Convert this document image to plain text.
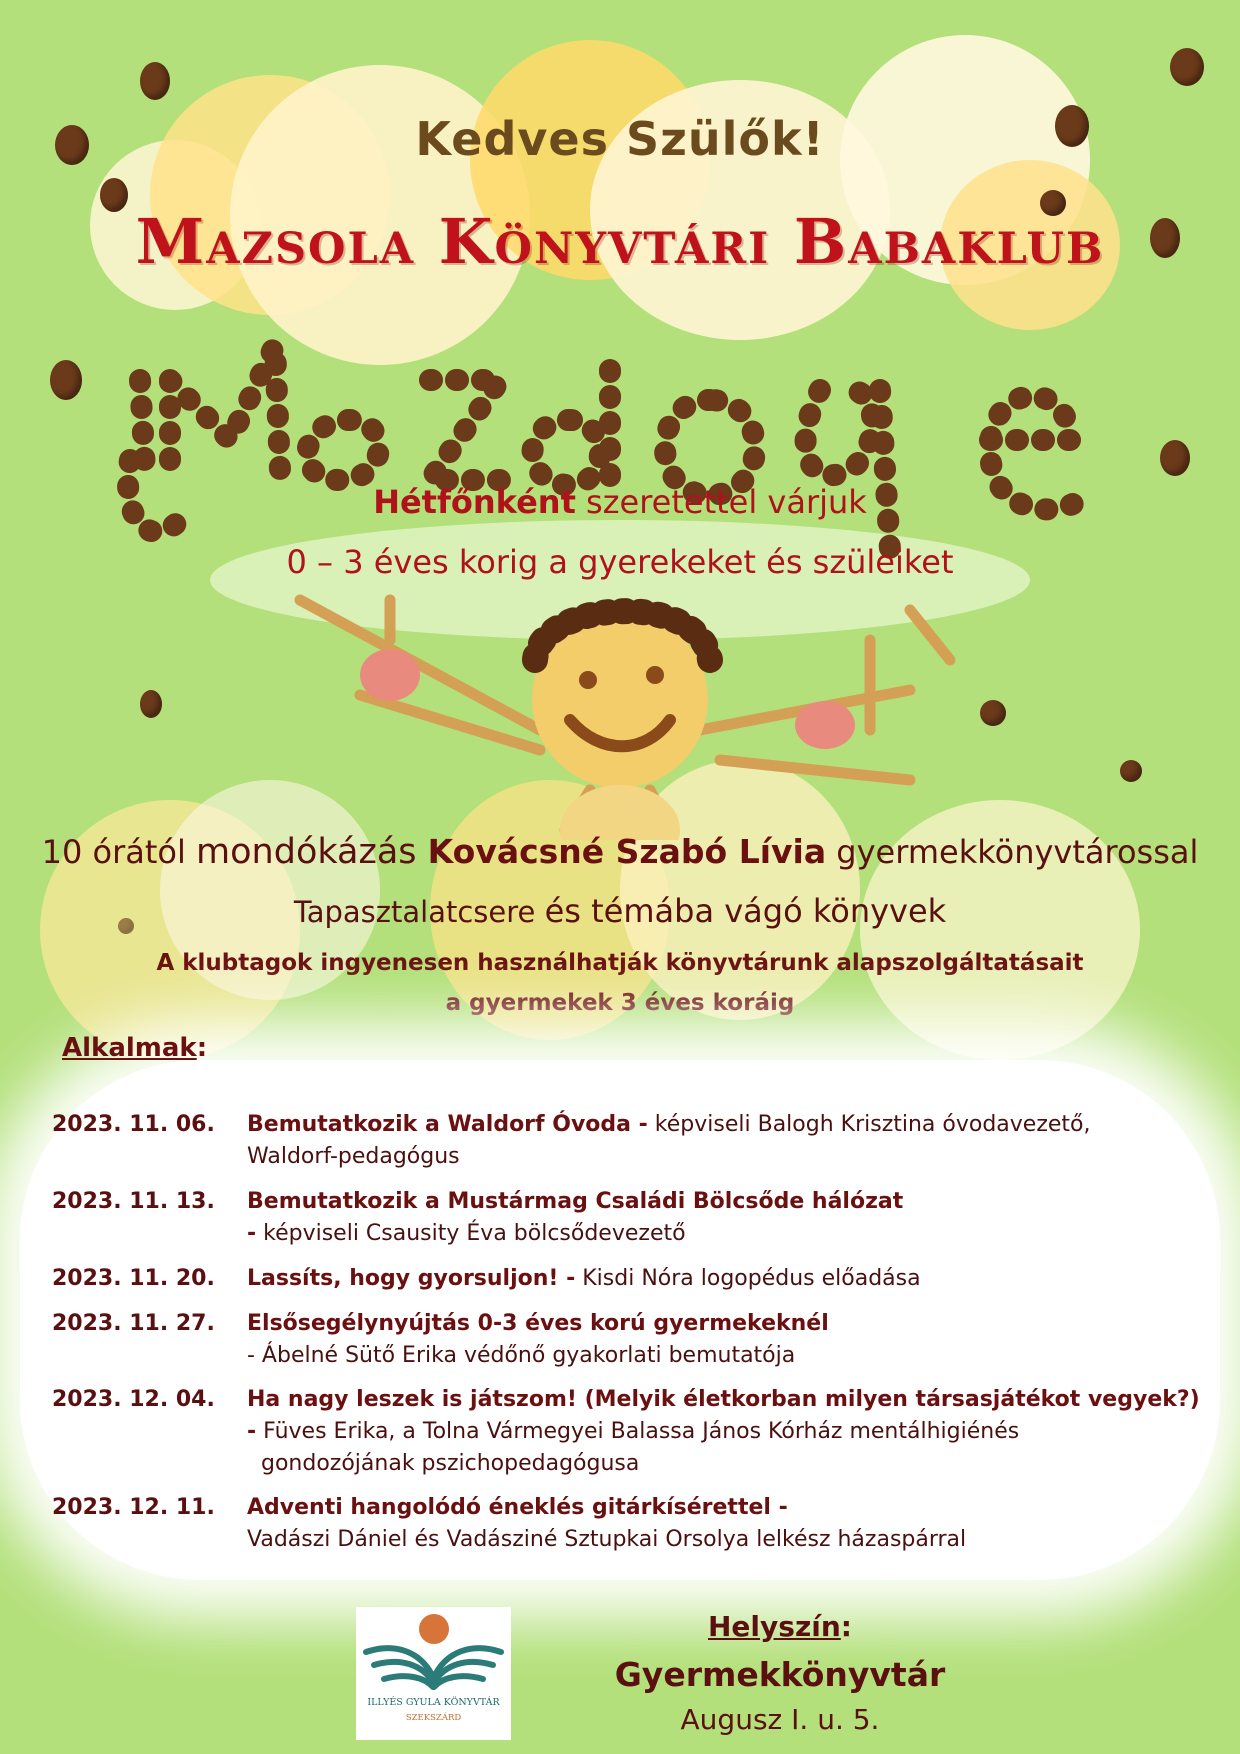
Kedves Szülők!
Mazsola Könyvtári Babaklub
Hétfőnként szeretettel várjuk
0 – 3 éves korig a gyerekeket és szüleiket
10 órától mondókázás Kovácsné Szabó Lívia gyermekkönyvtárossal
Tapasztalatcsere és témába vágó könyvek
A klubtagok ingyenesen használhatják könyvtárunk alapszolgáltatásait
a gyermekek 3 éves koráig
Alkalmak:
2023. 11. 06.	Bemutatkozik a Waldorf Óvoda - képviseli Balogh Krisztina óvodavezető,
Waldorf-pedagógus
2023. 11. 13.	Bemutatkozik a Mustármag Családi Bölcsőde hálózat
- képviseli Csausity Éva bölcsődevezető
2023. 11. 20.	Lassíts, hogy gyorsuljon! - Kisdi Nóra logopédus előadása
2023. 11. 27.	Elsősegélynyújtás 0-3 éves korú gyermekeknél
- Ábelné Sütő Erika védőnő gyakorlati bemutatója
2023. 12. 04.	Ha nagy leszek is játszom! (Melyik életkorban milyen társasjátékot vegyek?)
- Füves Erika, a Tolna Vármegyei Balassa János Kórház mentálhigiénés
gondozójának pszichopedagógusa
2023. 12. 11.	Adventi hangolódó éneklés gitárkísérettel -
Vadászi Dániel és Vadásziné Sztupkai Orsolya lelkész házaspárral
ILLYÉS GYULA KÖNYVTÁR
SZEKSZÁRD
Helyszín:
Gyermekkönyvtár
Augusz I. u. 5.
